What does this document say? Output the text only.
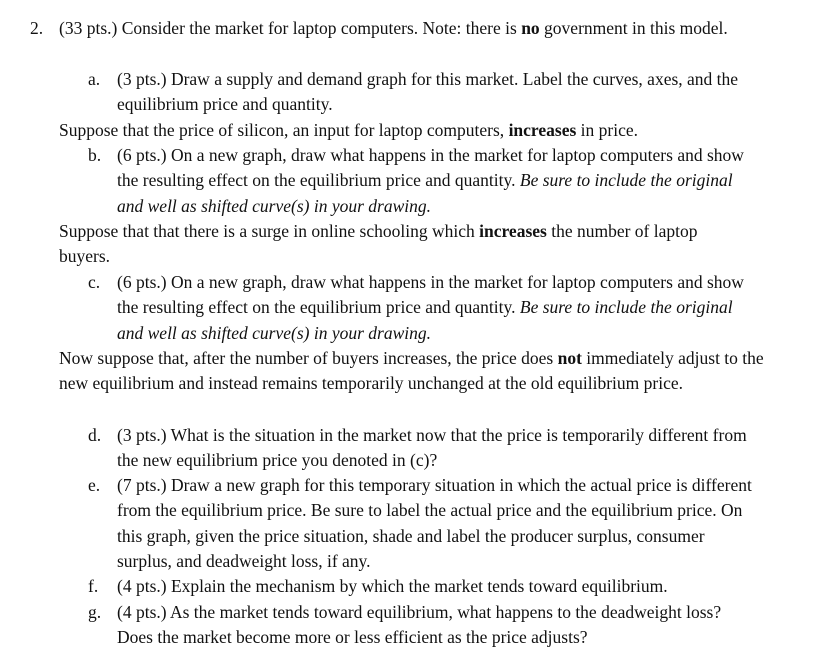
2. (33 pts.) Consider the market for laptop computers. Note: there is no government in this model.

a. (3 pts.) Draw a supply and demand graph for this market. Label the curves, axes, and the equilibrium price and quantity.

Suppose that the price of silicon, an input for laptop computers, increases in price.

b. (6 pts.) On a new graph, draw what happens in the market for laptop computers and show the resulting effect on the equilibrium price and quantity. Be sure to include the original and well as shifted curve(s) in your drawing.

Suppose that that there is a surge in online schooling which increases the number of laptop buyers.

c. (6 pts.) On a new graph, draw what happens in the market for laptop computers and show the resulting effect on the equilibrium price and quantity. Be sure to include the original and well as shifted curve(s) in your drawing.

Now suppose that, after the number of buyers increases, the price does not immediately adjust to the new equilibrium and instead remains temporarily unchanged at the old equilibrium price.

d. (3 pts.) What is the situation in the market now that the price is temporarily different from the new equilibrium price you denoted in (c)?
e. (7 pts.) Draw a new graph for this temporary situation in which the actual price is different from the equilibrium price. Be sure to label the actual price and the equilibrium price. On this graph, given the price situation, shade and label the producer surplus, consumer surplus, and deadweight loss, if any.
f.	(4 pts.) Explain the mechanism by which the market tends toward equilibrium.
g. (4 pts.) As the market tends toward equilibrium, what happens to the deadweight loss? Does the market become more or less efficient as the price adjusts?
